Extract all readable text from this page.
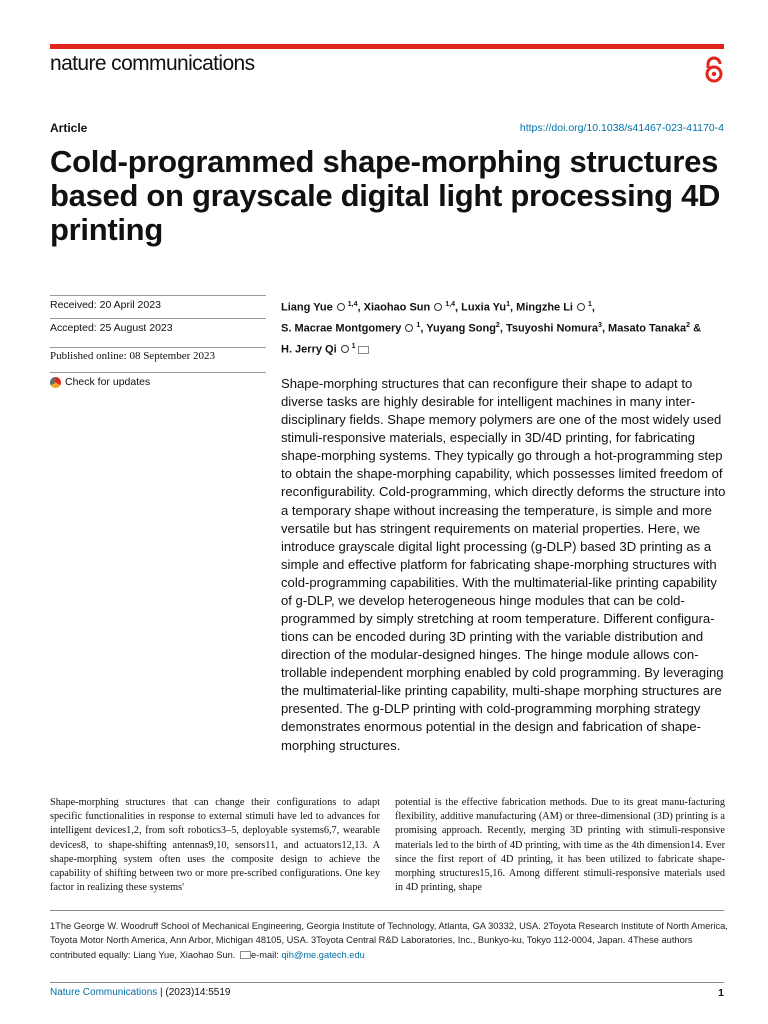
nature communications
Article	https://doi.org/10.1038/s41467-023-41170-4
Cold-programmed shape-morphing structures based on grayscale digital light processing 4D printing
Received: 20 April 2023
Accepted: 25 August 2023
Published online: 08 September 2023
Check for updates
Liang Yue  $^{1,4}$, Xiaohao Sun  $^{1,4}$, Luxia Yu$^1$, Mingzhe Li  $^1$,
S. Macrae Montgomery  $^1$, Yuyang Song$^2$, Tsuyoshi Nomura$^3$, Masato Tanaka$^2$ &
H. Jerry Qi  $^1$

Shape-morphing structures that can reconfigure their shape to adapt to diverse tasks are highly desirable for intelligent machines in many inter-disciplinary fields. Shape memory polymers are one of the most widely used stimuli-responsive materials, especially in 3D/4D printing, for fabricating shape-morphing systems. They typically go through a hot-programming step to obtain the shape-morphing capability, which possesses limited freedom of reconfigurability. Cold-programming, which directly deforms the structure into a temporary shape without increasing the temperature, is simple and more versatile but has stringent requirements on material properties. Here, we introduce grayscale digital light processing (g-DLP) based 3D printing as a simple and effective platform for fabricating shape-morphing structures with cold-programming capabilities. With the multimaterial-like printing capability of g-DLP, we develop heterogeneous hinge modules that can be cold-programmed by simply stretching at room temperature. Different configura-tions can be encoded during 3D printing with the variable distribution and direction of the modular-designed hinges. The hinge module allows con-trollable independent morphing enabled by cold programming. By leveraging the multimaterial-like printing capability, multi-shape morphing structures are presented. The g-DLP printing with cold-programming morphing strategy demonstrates enormous potential in the design and fabrication of shape-morphing structures.

Shape-morphing structures that can change their configurations to adapt specific functionalities in response to external stimuli have led to advances for intelligent devices1,2, from soft robotics3–5, deployable systems6,7, wearable devices8, to shape-shifting antennas9,10, sensors11, and actuators12,13. A shape-morphing system often uses the composite design to achieve the capability of shifting between two or more pre-scribed configurations. One key factor in realizing these systems'

potential is the effective fabrication methods. Due to its great manu-facturing flexibility, additive manufacturing (AM) or three-dimensional (3D) printing is a promising approach. Recently, merging 3D printing with stimuli-responsive materials led to the birth of 4D printing, with time as the 4th dimension14. Ever since the first report of 4D printing, it has been utilized to fabricate shape-morphing structures15,16. Among different stimuli-responsive materials used in 4D printing, shape

1The George W. Woodruff School of Mechanical Engineering, Georgia Institute of Technology, Atlanta, GA 30332, USA. 2Toyota Research Institute of North America, Toyota Motor North America, Ann Arbor, Michigan 48105, USA. 3Toyota Central R&D Laboratories, Inc., Bunkyo-ku, Tokyo 112-0004, Japan. 4These authors contributed equally: Liang Yue, Xiaohao Sun. e-mail: qih@me.gatech.edu

Nature Communications | (2023)14:5519	1
